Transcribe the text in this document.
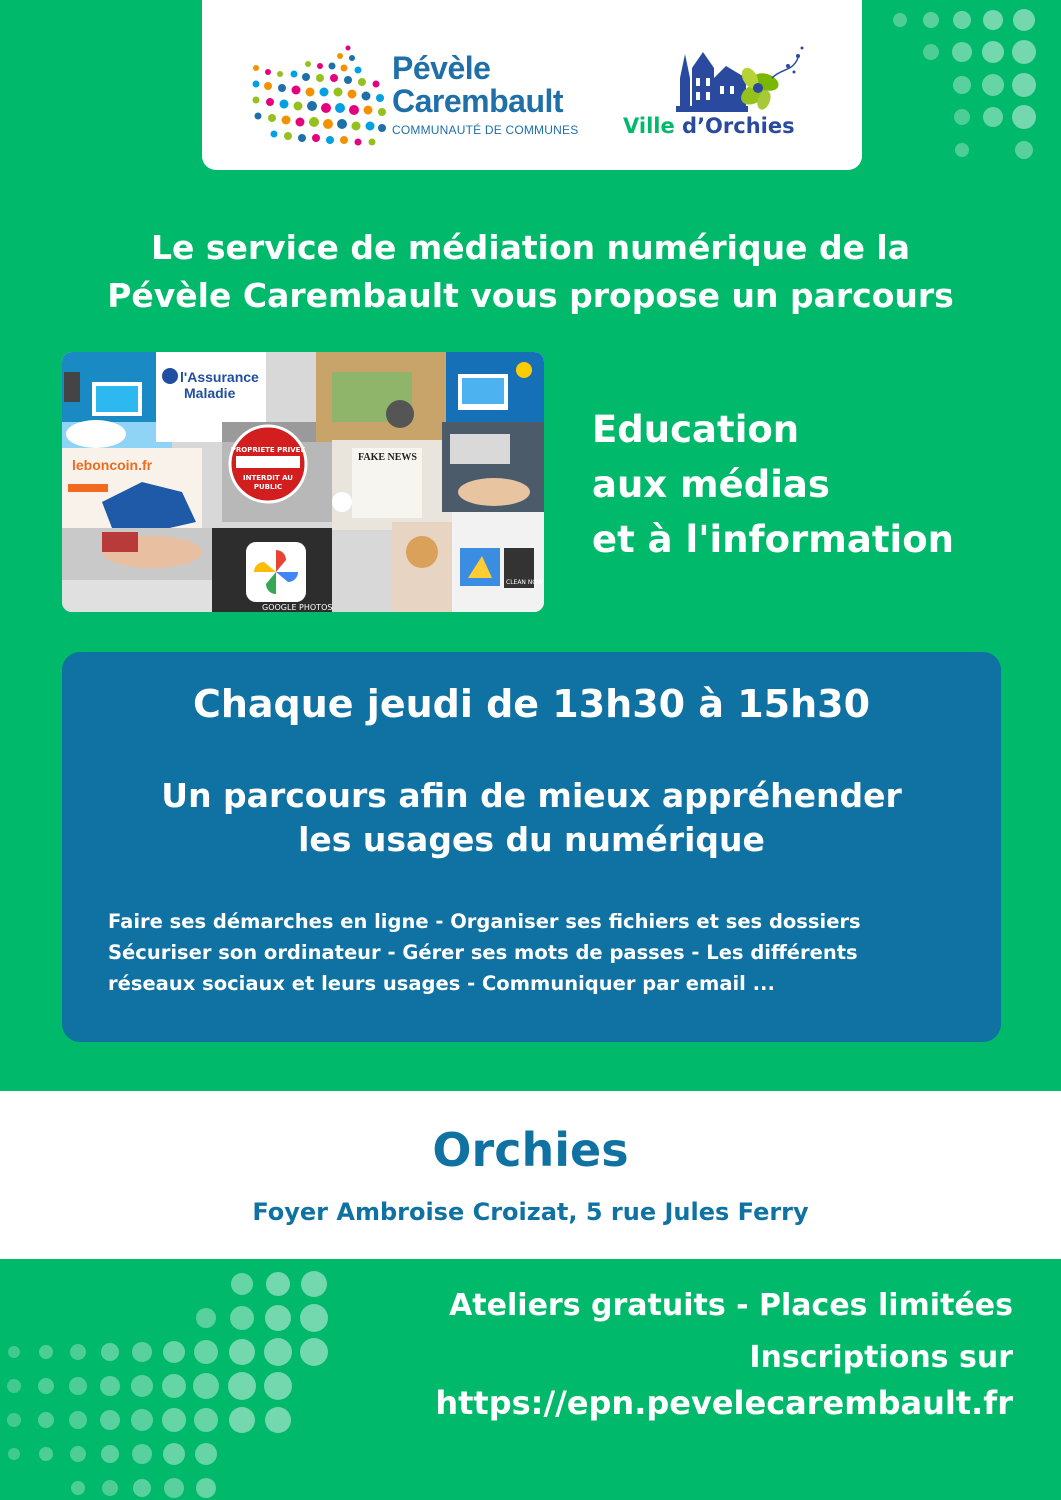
Pévèle
Carembault
COMMUNAUTÉ DE COMMUNES Ville d’Orchies
Le service de médiation numérique de la
Pévèle Carembault vous propose un parcours
l'Assurance
Maladie
PROPRIETE PRIVEE
INTERDIT AU
PUBLIC
leboncoin.fr	FAKE NEWS
GOOGLE PHOTOS
CLEAN NOW
Education
aux médias
et à l'information
Chaque jeudi de 13h30 à 15h30
Un parcours afin de mieux appréhender
les usages du numérique
Faire ses démarches en ligne - Organiser ses fichiers et ses dossiers
Sécuriser son ordinateur - Gérer ses mots de passes - Les différents
réseaux sociaux et leurs usages - Communiquer par email ...
Orchies
Foyer Ambroise Croizat, 5 rue Jules Ferry
Ateliers gratuits - Places limitées
Inscriptions sur
https://epn.pevelecarembault.fr
